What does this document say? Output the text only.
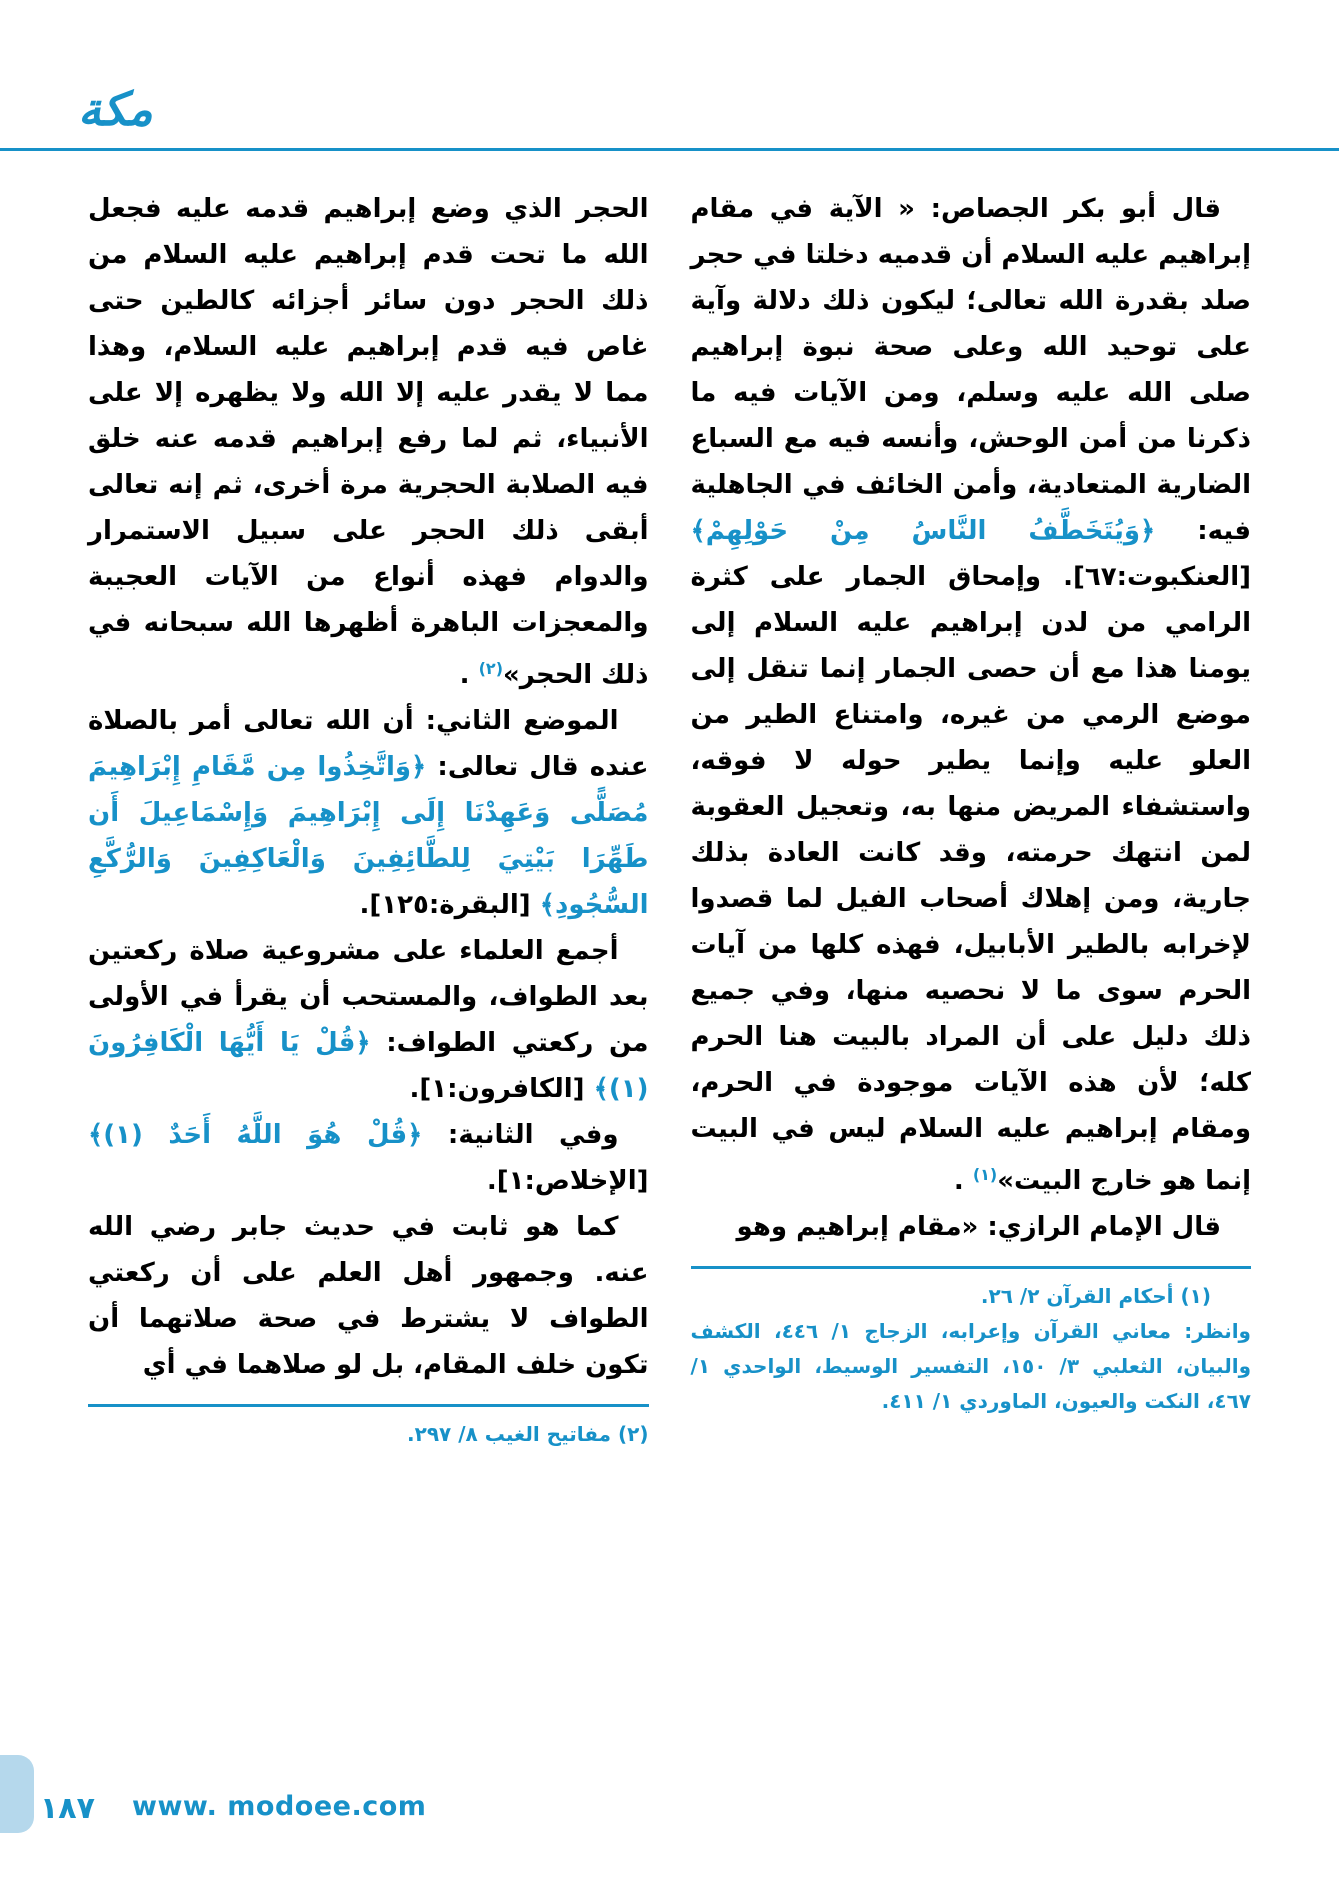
مكة

قال أبو بكر الجصاص: « الآية في مقام إبراهيم عليه السلام أن قدميه دخلتا في حجر صلد بقدرة الله تعالى؛ ليكون ذلك دلالة وآية على توحيد الله وعلى صحة نبوة إبراهيم صلى الله عليه وسلم، ومن الآيات فيه ما ذكرنا من أمن الوحش، وأنسه فيه مع السباع الضارية المتعادية، وأمن الخائف في الجاهلية فيه: ﴿وَيُتَخَطَّفُ النَّاسُ مِنْ حَوْلِهِمْ﴾ [العنكبوت:٦٧]. وإمحاق الجمار على كثرة الرامي من لدن إبراهيم عليه السلام إلى يومنا هذا مع أن حصى الجمار إنما تنقل إلى موضع الرمي من غيره، وامتناع الطير من العلو عليه وإنما يطير حوله لا فوقه، واستشفاء المريض منها به، وتعجيل العقوبة لمن انتهك حرمته، وقد كانت العادة بذلك جارية، ومن إهلاك أصحاب الفيل لما قصدوا لإخرابه بالطير الأبابيل، فهذه كلها من آيات الحرم سوى ما لا نحصيه منها، وفي جميع ذلك دليل على أن المراد بالبيت هنا الحرم كله؛ لأن هذه الآيات موجودة في الحرم، ومقام إبراهيم عليه السلام ليس في البيت إنما هو خارج البيت»$^{(١)}$ .

قال الإمام الرازي: «مقام إبراهيم وهو

(١) أحكام القرآن ٢/ ٢٦.

وانظر: معاني القرآن وإعرابه، الزجاج ١/ ٤٤٦، الكشف والبيان، الثعلبي ٣/ ١٥٠، التفسير الوسيط، الواحدي ١/ ٤٦٧، النكت والعيون، الماوردي ١/ ٤١١.

الحجر الذي وضع إبراهيم قدمه عليه فجعل الله ما تحت قدم إبراهيم عليه السلام من ذلك الحجر دون سائر أجزائه كالطين حتى غاص فيه قدم إبراهيم عليه السلام، وهذا مما لا يقدر عليه إلا الله ولا يظهره إلا على الأنبياء، ثم لما رفع إبراهيم قدمه عنه خلق فيه الصلابة الحجرية مرة أخرى، ثم إنه تعالى أبقى ذلك الحجر على سبيل الاستمرار والدوام فهذه أنواع من الآيات العجيبة والمعجزات الباهرة أظهرها الله سبحانه في ذلك الحجر»$^{(٢)}$ .

الموضع الثاني: أن الله تعالى أمر بالصلاة عنده قال تعالى: ﴿وَاتَّخِذُوا مِن مَّقَامِ إِبْرَاهِيمَ مُصَلًّى وَعَهِدْنَا إِلَى إِبْرَاهِيمَ وَإِسْمَاعِيلَ أَن طَهِّرَا بَيْتِيَ لِلطَّائِفِينَ وَالْعَاكِفِينَ وَالرُّكَّعِ السُّجُودِ﴾ [البقرة:١٢٥].

أجمع العلماء على مشروعية صلاة ركعتين بعد الطواف، والمستحب أن يقرأ في الأولى من ركعتي الطواف: ﴿قُلْ يَا أَيُّهَا الْكَافِرُونَ (١)﴾ [الكافرون:١].

وفي الثانية: ﴿قُلْ هُوَ اللَّهُ أَحَدٌ (١)﴾ [الإخلاص:١].

كما هو ثابت في حديث جابر رضي الله عنه. وجمهور أهل العلم على أن ركعتي الطواف لا يشترط في صحة صلاتهما أن تكون خلف المقام، بل لو صلاهما في أي

(٢) مفاتيح الغيب ٨/ ٢٩٧.

١٨٧ www. modoee.com
